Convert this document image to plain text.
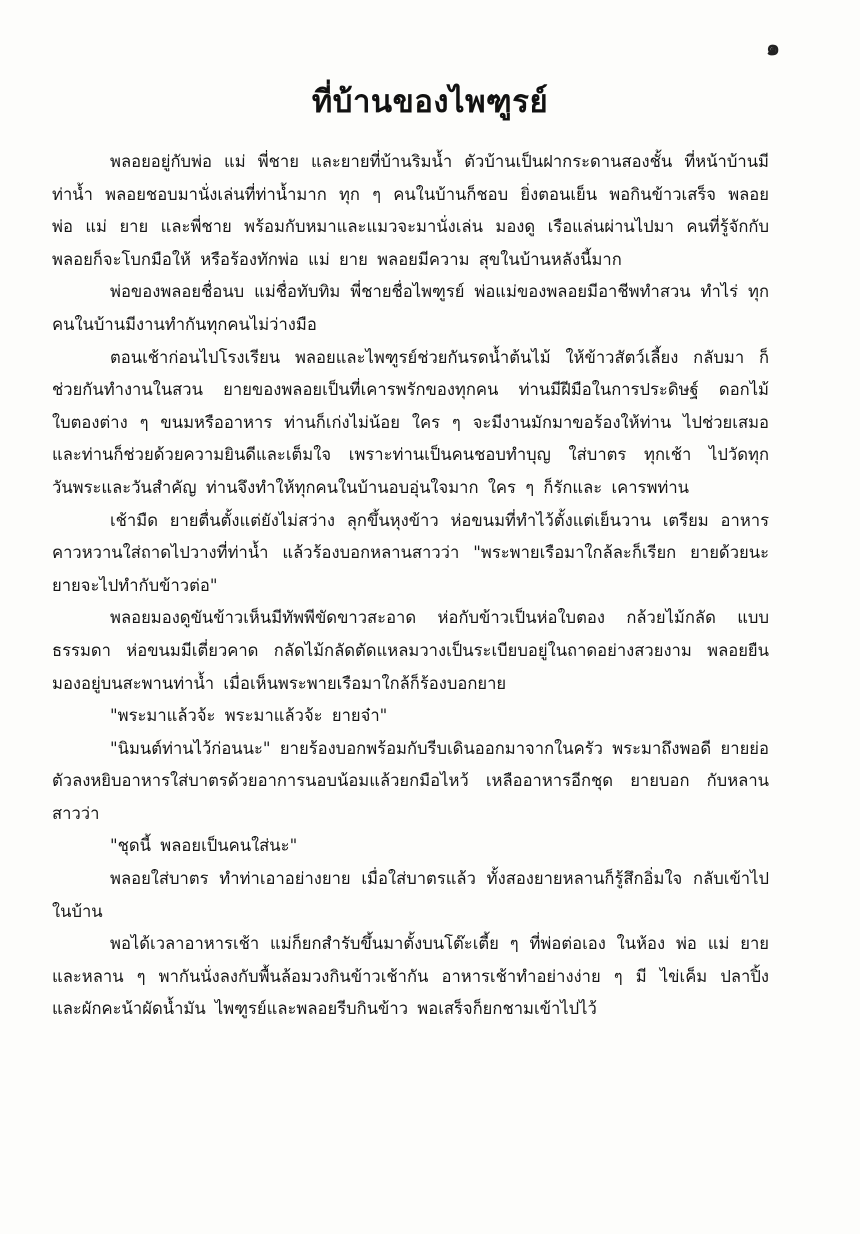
๑
ที่บ้านของไพฑูรย์

พลอยอยู่กับพ่อ แม่ พี่ชาย และยายที่บ้านริมน้ำ ตัวบ้านเป็นฝากระดานสองชั้น ที่หน้าบ้านมีท่าน้ำ พลอยชอบมานั่งเล่นที่ท่าน้ำมาก ทุก ๆ คนในบ้านก็ชอบ ยิ่งตอนเย็น พอกินข้าวเสร็จ พลอย พ่อ แม่ ยาย และพี่ชาย พร้อมกับหมาและแมวจะมานั่งเล่น มองดู เรือแล่นผ่านไปมา คนที่รู้จักกับพลอยก็จะโบกมือให้ หรือร้องทักพ่อ แม่ ยาย พลอยมีความ สุขในบ้านหลังนี้มาก

พ่อของพลอยชื่อนบ แม่ชื่อทับทิม พี่ชายชื่อไพฑูรย์ พ่อแม่ของพลอยมีอาชีพทำสวน ทำไร่ ทุกคนในบ้านมีงานทำกันทุกคนไม่ว่างมือ

ตอนเช้าก่อนไปโรงเรียน พลอยและไพฑูรย์ช่วยกันรดน้ำต้นไม้ ให้ข้าวสัตว์เลี้ยง กลับมา ก็ช่วยกันทำงานในสวน ยายของพลอยเป็นที่เคารพรักของทุกคน ท่านมีฝีมือในการประดิษฐ์ ดอกไม้ ใบตองต่าง ๆ ขนมหรืออาหาร ท่านก็เก่งไม่น้อย ใคร ๆ จะมีงานมักมาขอร้องให้ท่าน ไปช่วยเสมอ และท่านก็ช่วยด้วยความยินดีและเต็มใจ เพราะท่านเป็นคนชอบทำบุญ ใส่บาตร ทุกเช้า ไปวัดทุกวันพระและวันสำคัญ ท่านจึงทำให้ทุกคนในบ้านอบอุ่นใจมาก ใคร ๆ ก็รักและ เคารพท่าน

เช้ามืด ยายตื่นตั้งแต่ยังไม่สว่าง ลุกขึ้นหุงข้าว ห่อขนมที่ทำไว้ตั้งแต่เย็นวาน เตรียม อาหารคาวหวานใส่ถาดไปวางที่ท่าน้ำ แล้วร้องบอกหลานสาวว่า "พระพายเรือมาใกล้ละก็เรียก ยายด้วยนะ ยายจะไปทำกับข้าวต่อ"

พลอยมองดูขันข้าวเห็นมีทัพพีขัดขาวสะอาด ห่อกับข้าวเป็นห่อใบตอง กล้วยไม้กลัด แบบธรรมดา ห่อขนมมีเตี่ยวคาด กลัดไม้กลัดตัดแหลมวางเป็นระเบียบอยู่ในถาดอย่างสวยงาม พลอยยืนมองอยู่บนสะพานท่าน้ำ เมื่อเห็นพระพายเรือมาใกล้ก็ร้องบอกยาย

"พระมาแล้วจ้ะ พระมาแล้วจ้ะ ยายจ๋า"

"นิมนต์ท่านไว้ก่อนนะ" ยายร้องบอกพร้อมกับรีบเดินออกมาจากในครัว พระมาถึงพอดี ยายย่อตัวลงหยิบอาหารใส่บาตรด้วยอาการนอบน้อมแล้วยกมือไหว้ เหลืออาหารอีกชุด ยายบอก กับหลานสาวว่า

"ชุดนี้ พลอยเป็นคนใส่นะ"

พลอยใส่บาตร ทำท่าเอาอย่างยาย เมื่อใส่บาตรแล้ว ทั้งสองยายหลานก็รู้สึกอิ่มใจ กลับเข้าไปในบ้าน

พอได้เวลาอาหารเช้า แม่ก็ยกสำรับขึ้นมาตั้งบนโต๊ะเตี้ย ๆ ที่พ่อต่อเอง ในห้อง พ่อ แม่ ยาย และหลาน ๆ พากันนั่งลงกับพื้นล้อมวงกินข้าวเช้ากัน อาหารเช้าทำอย่างง่าย ๆ มี ไข่เค็ม ปลาปิ้ง และผักคะน้าผัดน้ำมัน ไพฑูรย์และพลอยรีบกินข้าว พอเสร็จก็ยกชามเข้าไปไว้
